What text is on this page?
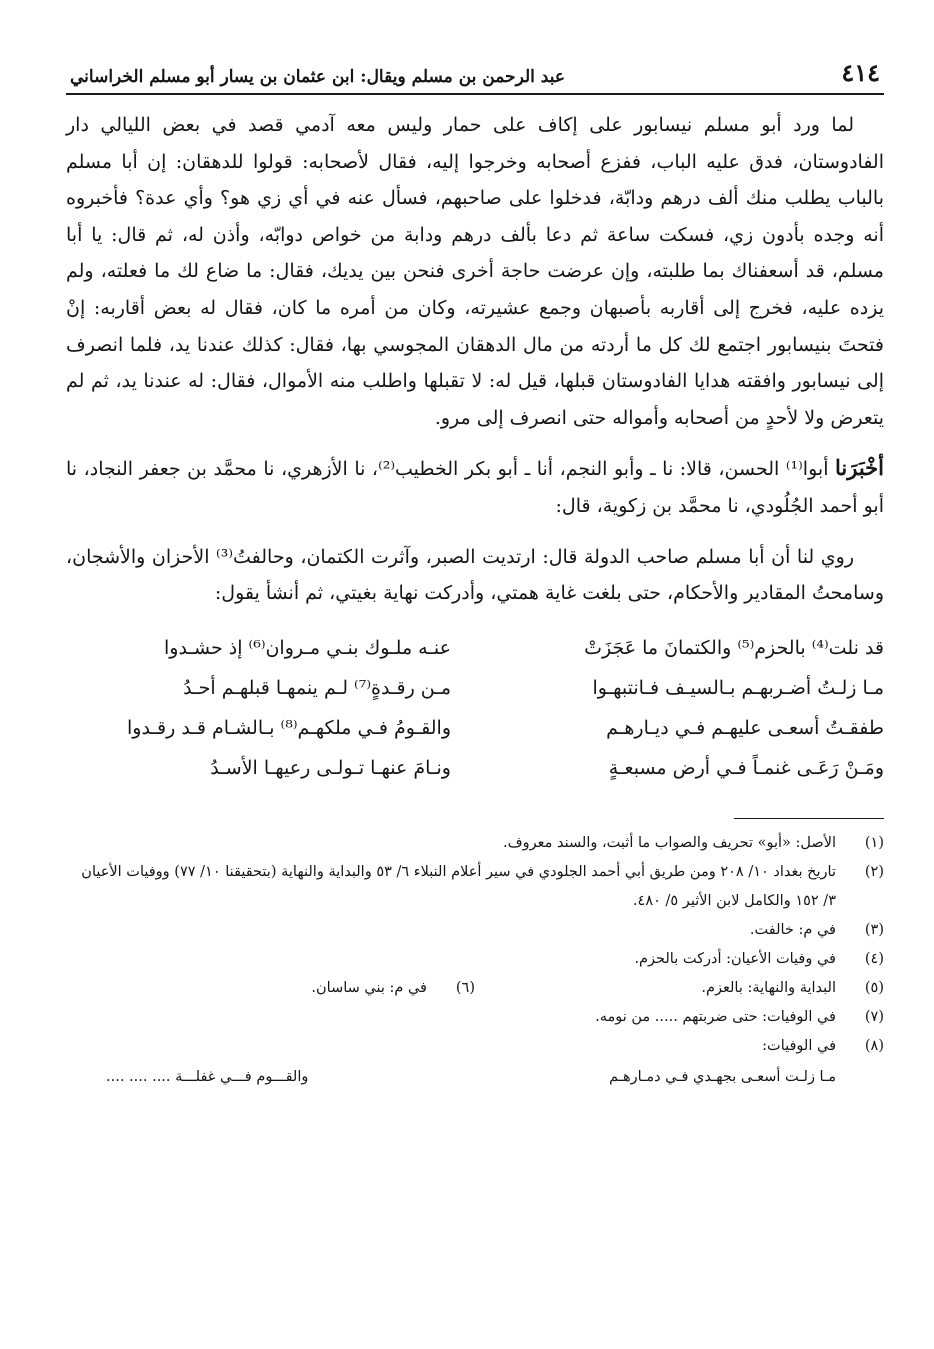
٤١٤
عبد الرحمن بن مسلم ويقال: ابن عثمان بن يسار أبو مسلم الخراساني

لما ورد أبو مسلم نيسابور على إكاف على حمار وليس معه آدمي قصد في بعض الليالي دار الفادوستان، فدق عليه الباب، ففزع أصحابه وخرجوا إليه، فقال لأصحابه: قولوا للدهقان: إن أبا مسلم بالباب يطلب منك ألف درهم ودابّة، فدخلوا على صاحبهم، فسأل عنه في أي زي هو؟ وأي عدة؟ فأخبروه أنه وجده بأدون زي، فسكت ساعة ثم دعا بألف درهم ودابة من خواص دوابّه، وأذن له، ثم قال: يا أبا مسلم، قد أسعفناك بما طلبته، وإن عرضت حاجة أخرى فنحن بين يديك، فقال: ما ضاع لك ما فعلته، ولم يزده عليه، فخرج إلى أقاربه بأصبهان وجمع عشيرته، وكان من أمره ما كان، فقال له بعض أقاربه: إنْ فتحتَ بنيسابور اجتمع لك كل ما أردته من مال الدهقان المجوسي بها، فقال: كذلك عندنا يد، فلما انصرف إلى نيسابور وافقته هدايا الفادوستان قبلها، قيل له: لا تقبلها واطلب منه الأموال، فقال: له عندنا يد، ثم لم يتعرض ولا لأحدٍ من أصحابه وأمواله حتى انصرف إلى مرو.

أخْبَرَنا أبوا⁽¹⁾ الحسن، قالا: نا ـ وأبو النجم، أنا ـ أبو بكر الخطيب⁽²⁾، نا الأزهري، نا محمَّد بن جعفر النجاد، نا أبو أحمد الجُلُودي، نا محمَّد بن زكوية، قال:

روي لنا أن أبا مسلم صاحب الدولة قال: ارتديت الصبر، وآثرت الكتمان، وحالفتُ⁽³⁾ الأحزان والأشجان، وسامحتُ المقادير والأحكام، حتى بلغت غاية همتي، وأدركت نهاية بغيتي، ثم أنشأ يقول:

قد نلت⁽⁴⁾ بالحزم⁽⁵⁾ والكتمانَ ما عَجَزَتْ
عنـه ملـوك بنـي مـروان⁽⁶⁾ إذ حشـدوا
مـا زلـتُ أضـربهـم بـالسيـف فـانتبهـوا
مـن رقـدةٍ⁽⁷⁾ لـم ينمهـا قبلهـم أحـدُ
طفقـتُ أسعـى عليهـم فـي ديـارهـم
والقـومُ فـي ملكهـم⁽⁸⁾ بـالشـام قـد رقـدوا
ومَـنْ رَعَـى غنمـاً فـي أرض مسبعـةٍ
ونـامَ عنهـا تـولـى رعيهـا الأسـدُ
(١)
الأصل: «أبو» تحريف والصواب ما أثبت، والسند معروف.
(٢)
تاريخ بغداد ١٠/ ٢٠٨ ومن طريق أبي أحمد الجلودي في سير أعلام النبلاء ٦/ ٥٣ والبداية والنهاية (بتحقيقنا ١٠/ ٧٧) ووفيات الأعيان ٣/ ١٥٢ والكامل لابن الأثير ٥/ ٤٨٠.
(٣)
في م: خالفت.
(٤)
في وفيات الأعيان: أدركت بالحزم.
(٥)
البداية والنهاية: بالعزم.
(٦)
في م: بني ساسان.
(٧)
في الوفيات: حتى ضربتهم ..... من نومه.
(٨)
في الوفيات:
مـا زلـت أسعـى بجهـدي فـي دمـارهـم
والقـــوم فـــي غفلـــة .... .... ....
